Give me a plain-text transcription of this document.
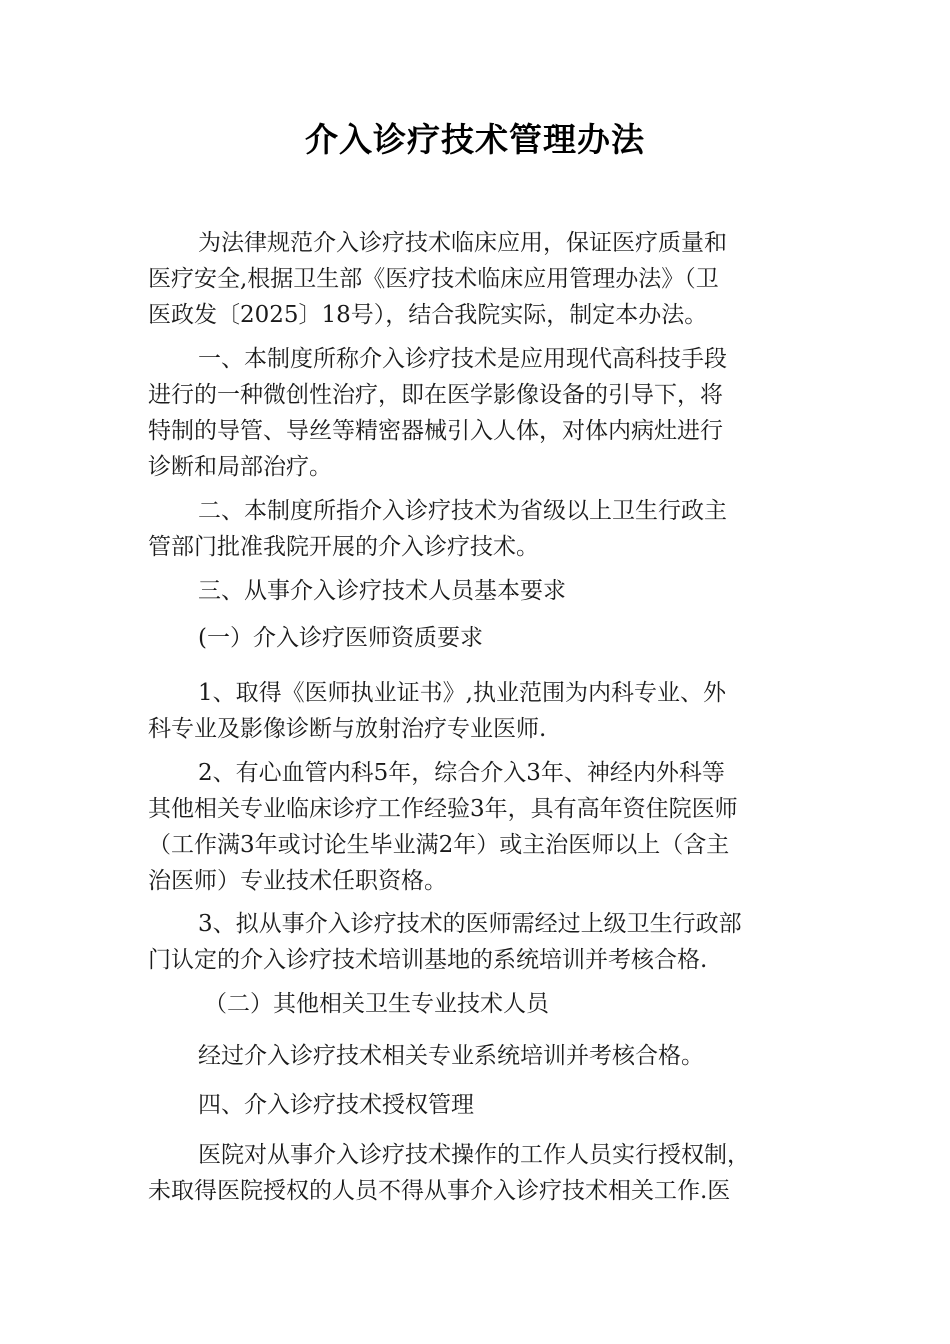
介入诊疗技术管理办法
为法律规范介入诊疗技术临床应用，保证医疗质量和
医疗安全,根据卫生部《医疗技术临床应用管理办法》（卫
医政发〔2025〕18号），结合我院实际，制定本办法。
一、本制度所称介入诊疗技术是应用现代高科技手段
进行的一种微创性治疗，即在医学影像设备的引导下，将
特制的导管、导丝等精密器械引入人体，对体内病灶进行
诊断和局部治疗。
二、本制度所指介入诊疗技术为省级以上卫生行政主
管部门批准我院开展的介入诊疗技术。
三、从事介入诊疗技术人员基本要求
(一）介入诊疗医师资质要求
1、取得《医师执业证书》,执业范围为内科专业、外
科专业及影像诊断与放射治疗专业医师.
2、有心血管内科5年，综合介入3年、神经内外科等
其他相关专业临床诊疗工作经验3年，具有高年资住院医师
（工作满3年或讨论生毕业满2年）或主治医师以上（含主
治医师）专业技术任职资格。
3、拟从事介入诊疗技术的医师需经过上级卫生行政部
门认定的介入诊疗技术培训基地的系统培训并考核合格.
（二）其他相关卫生专业技术人员
经过介入诊疗技术相关专业系统培训并考核合格。
四、介入诊疗技术授权管理
医院对从事介入诊疗技术操作的工作人员实行授权制，
未取得医院授权的人员不得从事介入诊疗技术相关工作.医
